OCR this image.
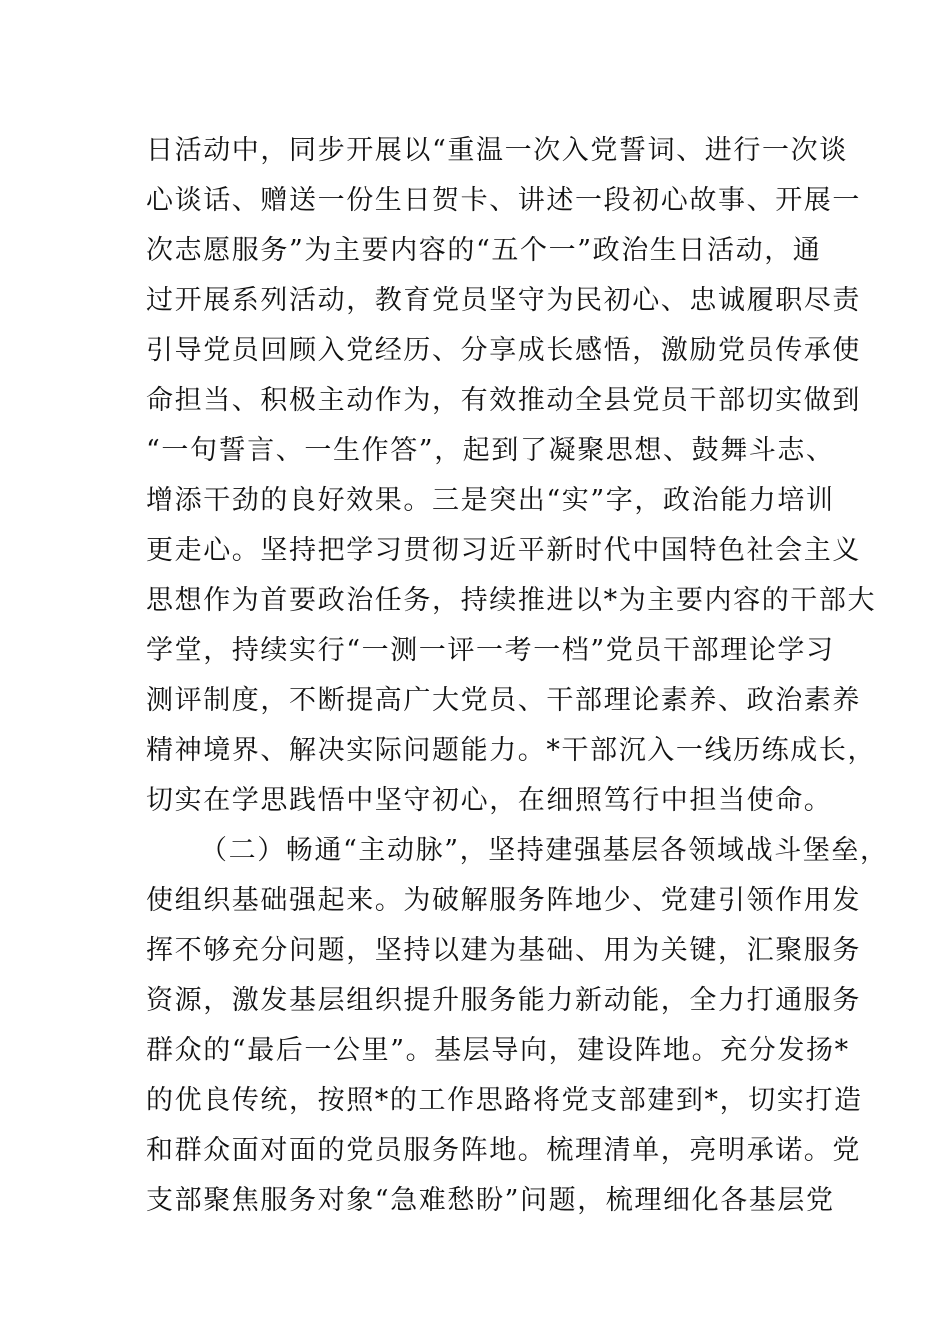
日活动中，同步开展以“重温一次入党誓词、进行一次谈
心谈话、赠送一份生日贺卡、讲述一段初心故事、开展一
次志愿服务”为主要内容的“五个一”政治生日活动，通
过开展系列活动，教育党员坚守为民初心、忠诚履职尽责
引导党员回顾入党经历、分享成长感悟，激励党员传承使
命担当、积极主动作为，有效推动全县党员干部切实做到
“一句誓言、一生作答”，起到了凝聚思想、鼓舞斗志、
增添干劲的良好效果。三是突出“实”字，政治能力培训
更走心。坚持把学习贯彻习近平新时代中国特色社会主义
思想作为首要政治任务，持续推进以*为主要内容的干部大
学堂，持续实行“一测一评一考一档”党员干部理论学习
测评制度，不断提高广大党员、干部理论素养、政治素养
精神境界、解决实际问题能力。*干部沉入一线历练成长，
切实在学思践悟中坚守初心，在细照笃行中担当使命。
（二）畅通“主动脉”，坚持建强基层各领域战斗堡垒，
使组织基础强起来。为破解服务阵地少、党建引领作用发
挥不够充分问题，坚持以建为基础、用为关键，汇聚服务
资源，激发基层组织提升服务能力新动能，全力打通服务
群众的“最后一公里”。基层导向，建设阵地。充分发扬*
的优良传统，按照*的工作思路将党支部建到*，切实打造
和群众面对面的党员服务阵地。梳理清单，亮明承诺。党
支部聚焦服务对象“急难愁盼”问题，梳理细化各基层党
